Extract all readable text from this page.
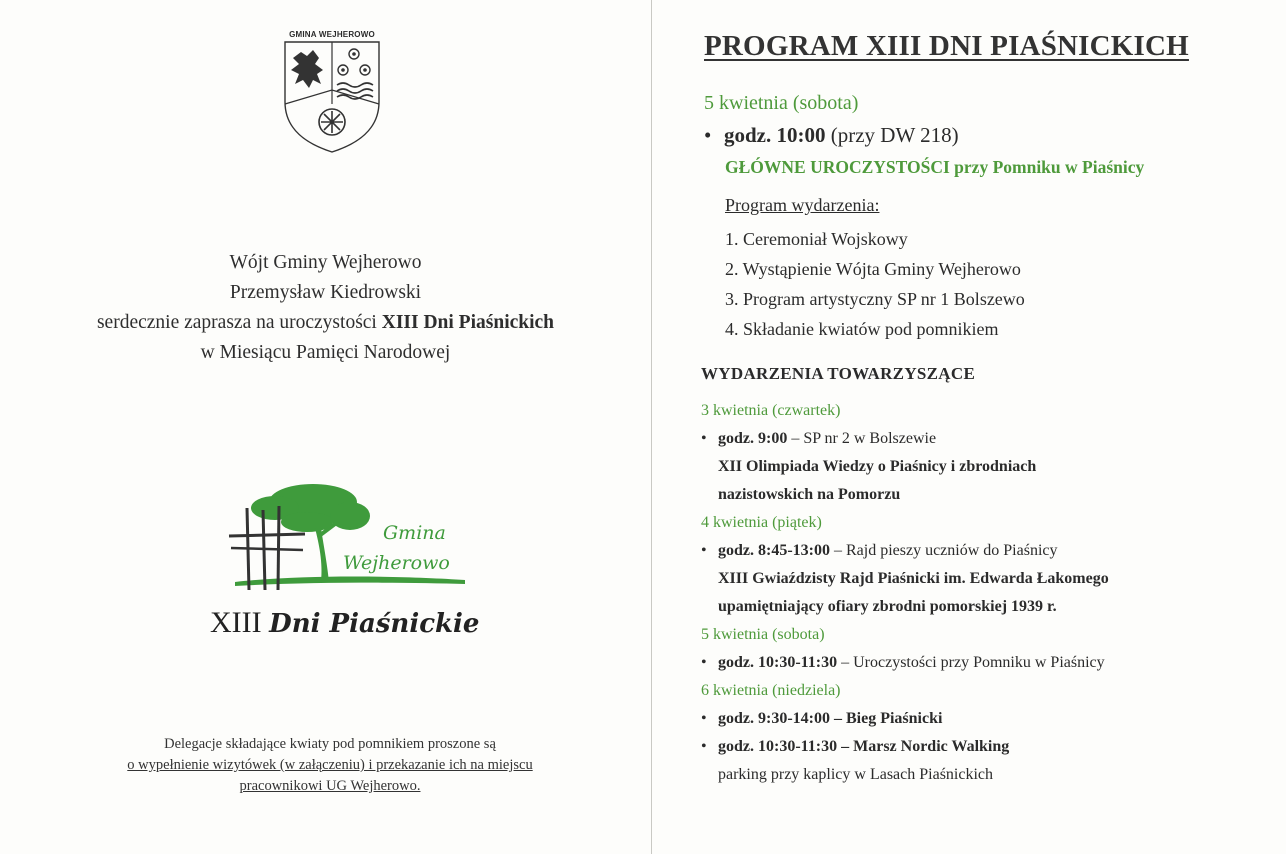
GMINA WEJHEROWO
Wójt Gminy Wejherowo
Przemysław Kiedrowski
serdecznie zaprasza na uroczystości XIII Dni Piaśnickich
w Miesiącu Pamięci Narodowej
Gmina
Wejherowo
XIII Dni Piaśnickie
Delegacje składające kwiaty pod pomnikiem proszone są
o wypełnienie wizytówek (w załączeniu) i przekazanie ich na miejscu
pracownikowi UG Wejherowo.
PROGRAM XIII DNI PIAŚNICKICH
5 kwietnia (sobota)
• godz. 10:00 (przy DW 218)
GŁÓWNE UROCZYSTOŚCI przy Pomniku w Piaśnicy
Program wydarzenia:
1. Ceremoniał Wojskowy
2. Wystąpienie Wójta Gminy Wejherowo
3. Program artystyczny SP nr 1 Bolszewo
4. Składanie kwiatów pod pomnikiem
WYDARZENIA TOWARZYSZĄCE
3 kwietnia (czwartek)
• godz. 9:00 – SP nr 2 w Bolszewie
XII Olimpiada Wiedzy o Piaśnicy i zbrodniach
nazistowskich na Pomorzu
4 kwietnia (piątek)
• godz. 8:45-13:00 – Rajd pieszy uczniów do Piaśnicy
XIII Gwiaździsty Rajd Piaśnicki im. Edwarda Łakomego
upamiętniający ofiary zbrodni pomorskiej 1939 r.
5 kwietnia (sobota)
• godz. 10:30-11:30 – Uroczystości przy Pomniku w Piaśnicy
6 kwietnia (niedziela)
• godz. 9:30-14:00 – Bieg Piaśnicki
• godz. 10:30-11:30 – Marsz Nordic Walking
parking przy kaplicy w Lasach Piaśnickich
